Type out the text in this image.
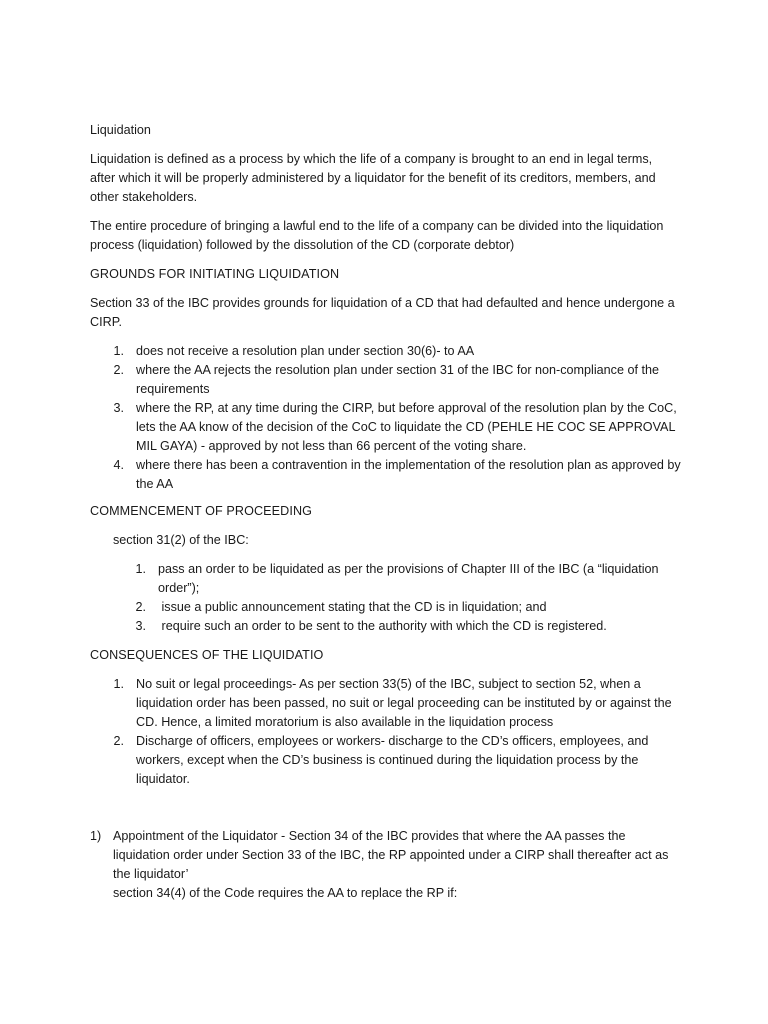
Liquidation

Liquidation is defined as a process by which the life of a company is brought to an end in legal terms, after which it will be properly administered by a liquidator for the benefit of its creditors, members, and other stakeholders.

The entire procedure of bringing a lawful end to the life of a company can be divided into the liquidation process (liquidation) followed by the dissolution of the CD (corporate debtor)

GROUNDS FOR INITIATING LIQUIDATION

Section 33 of the IBC provides grounds for liquidation of a CD that had defaulted and hence undergone a CIRP.

1. does not receive a resolution plan under section 30(6)- to AA

2. where the AA rejects the resolution plan under section 31 of the IBC for non-compliance of the requirements

3. where the RP, at any time during the CIRP, but before approval of the resolution plan by the CoC, lets the AA know of the decision of the CoC to liquidate the CD (PEHLE HE COC SE APPROVAL MIL GAYA) - approved by not less than 66 percent of the voting share.

4. where there has been a contravention in the implementation of the resolution plan as approved by the AA

COMMENCEMENT OF PROCEEDING

section 31(2) of the IBC:

1. pass an order to be liquidated as per the provisions of Chapter III of the IBC (a “liquidation order”);

2. issue a public announcement stating that the CD is in liquidation; and

3. require such an order to be sent to the authority with which the CD is registered.

CONSEQUENCES OF THE LIQUIDATIO

1. No suit or legal proceedings- As per section 33(5) of the IBC, subject to section 52, when a liquidation order has been passed, no suit or legal proceeding can be instituted by or against the CD. Hence, a limited moratorium is also available in the liquidation process

2. Discharge of officers, employees or workers- discharge to the CD’s officers, employees, and workers, except when the CD’s business is continued during the liquidation process by the liquidator.

1) Appointment of the Liquidator - Section 34 of the IBC provides that where the AA passes the liquidation order under Section 33 of the IBC, the RP appointed under a CIRP shall thereafter act as the liquidator’

section 34(4) of the Code requires the AA to replace the RP if:
